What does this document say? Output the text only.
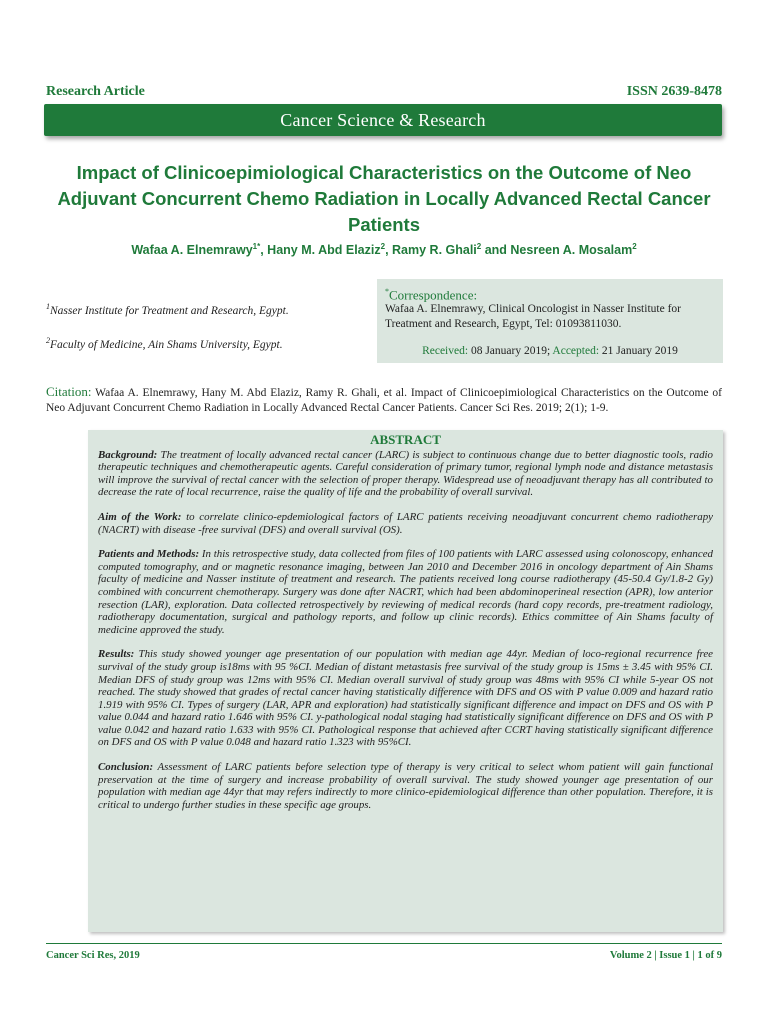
Research Article	ISSN 2639-8478
Cancer Science & Research
Impact of Clinicoepimiological Characteristics on the Outcome of Neo Adjuvant Concurrent Chemo Radiation in Locally Advanced Rectal Cancer Patients
Wafaa A. Elnemrawy$^{1*}$, Hany M. Abd Elaziz$^2$, Ramy R. Ghali$^2$ and Nesreen A. Mosalam$^2$
$^1$Nasser Institute for Treatment and Research, Egypt.
$^2$Faculty of Medicine, Ain Shams University, Egypt.
*Correspondence:
Wafaa A. Elnemrawy, Clinical Oncologist in Nasser Institute for Treatment and Research, Egypt, Tel: 01093811030.
Received: 08 January 2019; Accepted: 21 January 2019
Citation: Wafaa A. Elnemrawy, Hany M. Abd Elaziz, Ramy R. Ghali, et al. Impact of Clinicoepimiological Characteristics on the Outcome of Neo Adjuvant Concurrent Chemo Radiation in Locally Advanced Rectal Cancer Patients. Cancer Sci Res. 2019; 2(1); 1-9.
ABSTRACT

Background: The treatment of locally advanced rectal cancer (LARC) is subject to continuous change due to better diagnostic tools, radio therapeutic techniques and chemotherapeutic agents. Careful consideration of primary tumor, regional lymph node and distance metastasis will improve the survival of rectal cancer with the selection of proper therapy. Widespread use of neoadjuvant therapy has all contributed to decrease the rate of local recurrence, raise the quality of life and the probability of overall survival.

Aim of the Work: to correlate clinico-epdemiological factors of LARC patients receiving neoadjuvant concurrent chemo radiotherapy (NACRT) with disease -free survival (DFS) and overall survival (OS).

Patients and Methods: In this retrospective study, data collected from files of 100 patients with LARC assessed using colonoscopy, enhanced computed tomography, and or magnetic resonance imaging, between Jan 2010 and December 2016 in oncology department of Ain Shams faculty of medicine and Nasser institute of treatment and research. The patients received long course radiotherapy (45-50.4 Gy/1.8-2 Gy) combined with concurrent chemotherapy. Surgery was done after NACRT, which had been abdominoperineal resection (APR), low anterior resection (LAR), exploration. Data collected retrospectively by reviewing of medical records (hard copy records, pre-treatment radiology, radiotherapy documentation, surgical and pathology reports, and follow up clinic records). Ethics committee of Ain Shams faculty of medicine approved the study.

Results: This study showed younger age presentation of our population with median age 44yr. Median of loco-regional recurrence free survival of the study group is18ms with 95 %CI. Median of distant metastasis free survival of the study group is 15ms ± 3.45 with 95% CI. Median DFS of study group was 12ms with 95% CI. Median overall survival of study group was 48ms with 95% CI while 5-year OS not reached. The study showed that grades of rectal cancer having statistically difference with DFS and OS with P value 0.009 and hazard ratio 1.919 with 95% CI. Types of surgery (LAR, APR and exploration) had statistically significant difference and impact on DFS and OS with P value 0.044 and hazard ratio 1.646 with 95% CI. y-pathological nodal staging had statistically significant difference on DFS and OS with P value 0.042 and hazard ratio 1.633 with 95% CI. Pathological response that achieved after CCRT having statistically significant difference on DFS and OS with P value 0.048 and hazard ratio 1.323 with 95%CI.

Conclusion: Assessment of LARC patients before selection type of therapy is very critical to select whom patient will gain functional preservation at the time of surgery and increase probability of overall survival. The study showed younger age presentation of our population with median age 44yr that may refers indirectly to more clinico-epidemiological difference than other population. Therefore, it is critical to undergo further studies in these specific age groups.

Cancer Sci Res, 2019	Volume 2 | Issue 1 | 1 of 9
